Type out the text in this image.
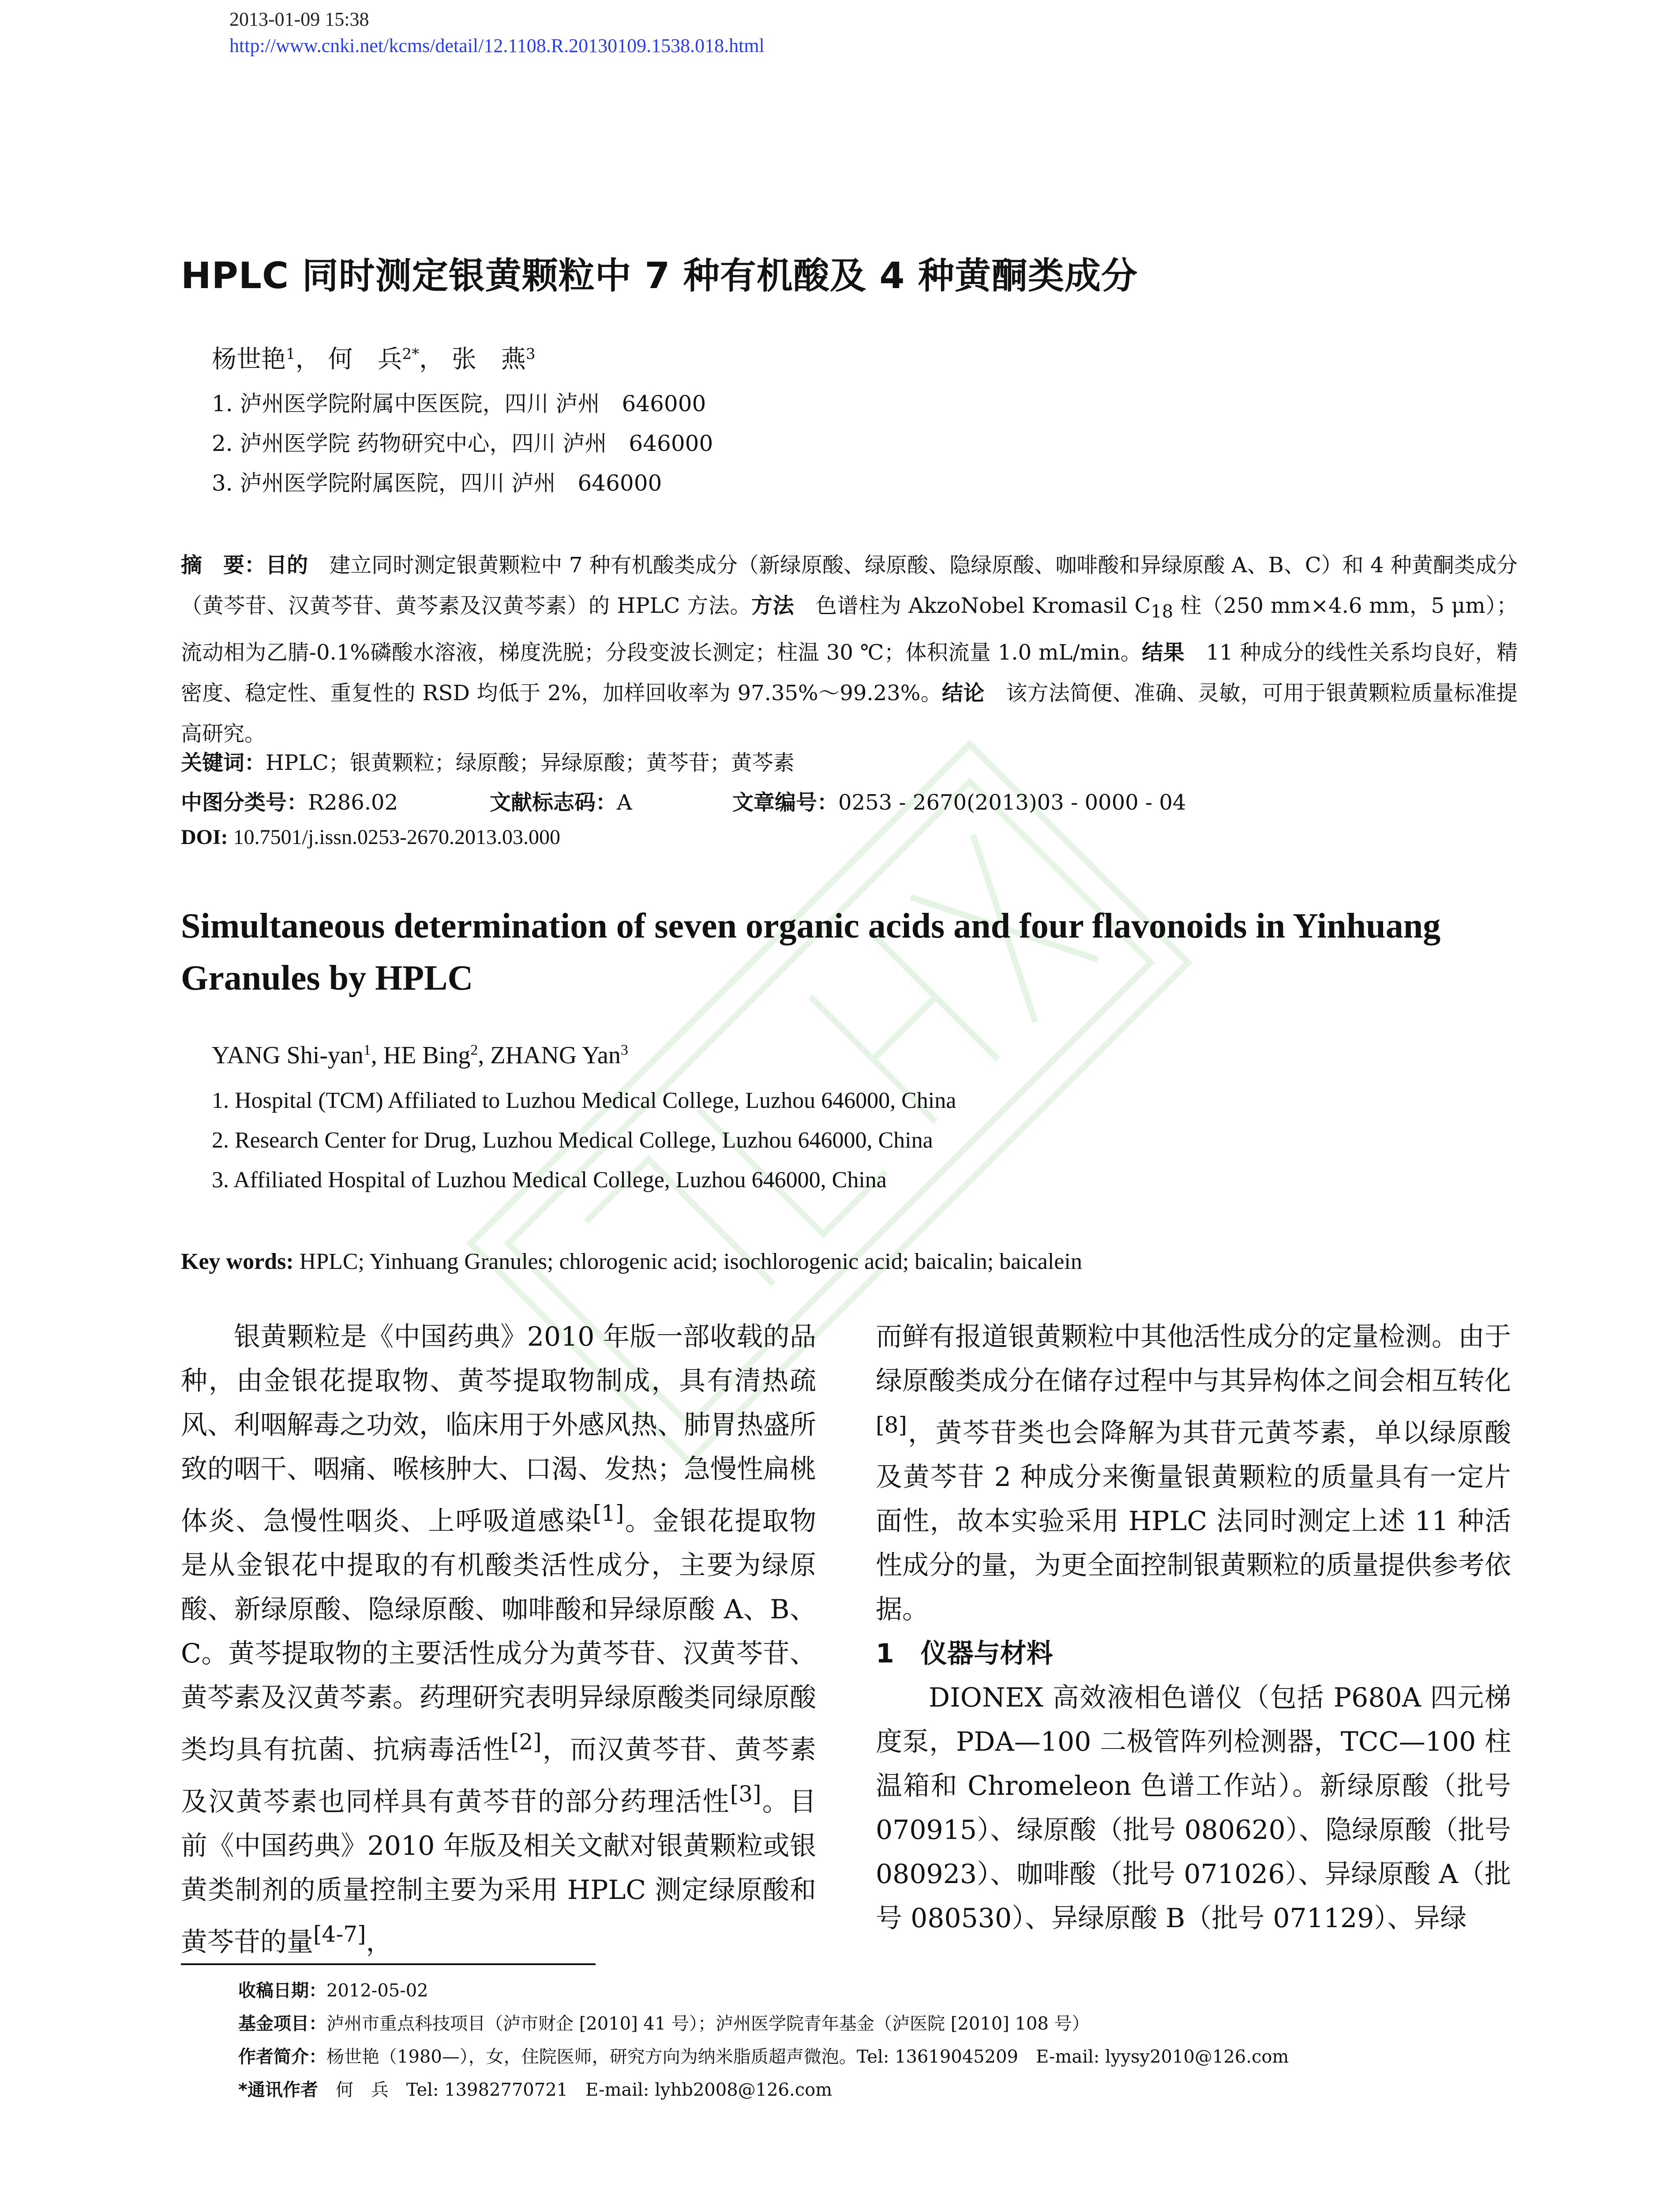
2013-01-09 15:38
http://www.cnki.net/kcms/detail/12.1108.R.20130109.1538.018.html
HPLC 同时测定银黄颗粒中 7 种有机酸及 4 种黄酮类成分
杨世艳$^1$， 何　兵$^{2*}$， 张　燕$^3$
1. 泸州医学院附属中医医院，四川 泸州　646000
2. 泸州医学院 药物研究中心，四川 泸州　646000
3. 泸州医学院附属医院，四川 泸州　646000
摘　要：目的　建立同时测定银黄颗粒中 7 种有机酸类成分（新绿原酸、绿原酸、隐绿原酸、咖啡酸和异绿原酸 A、B、C）和 4 种黄酮类成分（黄芩苷、汉黄芩苷、黄芩素及汉黄芩素）的 HPLC 方法。方法　色谱柱为 AkzoNobel Kromasil $C_{18}$ 柱（250 mm×4.6 mm，5 μm）；流动相为乙腈-0.1%磷酸水溶液，梯度洗脱；分段变波长测定；柱温 30 ℃；体积流量 1.0 mL/min。结果　11 种成分的线性关系均良好，精密度、稳定性、重复性的 RSD 均低于 2%，加样回收率为 97.35%～99.23%。结论　该方法简便、准确、灵敏，可用于银黄颗粒质量标准提高研究。
关键词：HPLC；银黄颗粒；绿原酸；异绿原酸；黄芩苷；黄芩素
中图分类号：R286.02	文献标志码：A	文章编号：0253 - 2670(2013)03 - 0000 - 04
DOI: 10.7501/j.issn.0253-2670.2013.03.000
Simultaneous determination of seven organic acids and four flavonoids in Yinhuang Granules by HPLC
YANG Shi-yan$^1$, HE Bing$^2$, ZHANG Yan$^3$
1. Hospital (TCM) Affiliated to Luzhou Medical College, Luzhou 646000, China
2. Research Center for Drug, Luzhou Medical College, Luzhou 646000, China
3. Affiliated Hospital of Luzhou Medical College, Luzhou 646000, China
Key words: HPLC; Yinhuang Granules; chlorogenic acid; isochlorogenic acid; baicalin; baicalein

银黄颗粒是《中国药典》2010 年版一部收载的品种，由金银花提取物、黄芩提取物制成，具有清热疏风、利咽解毒之功效，临床用于外感风热、肺胃热盛所致的咽干、咽痛、喉核肿大、口渴、发热；急慢性扁桃体炎、急慢性咽炎、上呼吸道感染[1]。金银花提取物是从金银花中提取的有机酸类活性成分，主要为绿原酸、新绿原酸、隐绿原酸、咖啡酸和异绿原酸 A、B、C。黄芩提取物的主要活性成分为黄芩苷、汉黄芩苷、黄芩素及汉黄芩素。药理研究表明异绿原酸类同绿原酸类均具有抗菌、抗病毒活性[2]，而汉黄芩苷、黄芩素及汉黄芩素也同样具有黄芩苷的部分药理活性[3]。目前《中国药典》2010 年版及相关文献对银黄颗粒或银黄类制剂的质量控制主要为采用 HPLC 测定绿原酸和黄芩苷的量[4-7]，

而鲜有报道银黄颗粒中其他活性成分的定量检测。由于绿原酸类成分在储存过程中与其异构体之间会相互转化[8]，黄芩苷类也会降解为其苷元黄芩素，单以绿原酸及黄芩苷 2 种成分来衡量银黄颗粒的质量具有一定片面性，故本实验采用 HPLC 法同时测定上述 11 种活性成分的量，为更全面控制银黄颗粒的质量提供参考依据。

1　仪器与材料

DIONEX 高效液相色谱仪（包括 P680A 四元梯度泵，PDA—100 二极管阵列检测器，TCC—100 柱温箱和 Chromeleon 色谱工作站）。新绿原酸（批号 070915）、绿原酸（批号 080620）、隐绿原酸（批号 080923）、咖啡酸（批号 071026）、异绿原酸 A（批号 080530）、异绿原酸 B（批号 071129）、异绿

收稿日期：2012-05-02
基金项目：泸州市重点科技项目（泸市财企 [2010] 41 号）；泸州医学院青年基金（泸医院 [2010] 108 号）
作者简介：杨世艳（1980—），女，住院医师，研究方向为纳米脂质超声微泡。Tel: 13619045209　E-mail: lyysy2010@126.com
*通讯作者　何　兵　Tel: 13982770721　E-mail: lyhb2008@126.com
